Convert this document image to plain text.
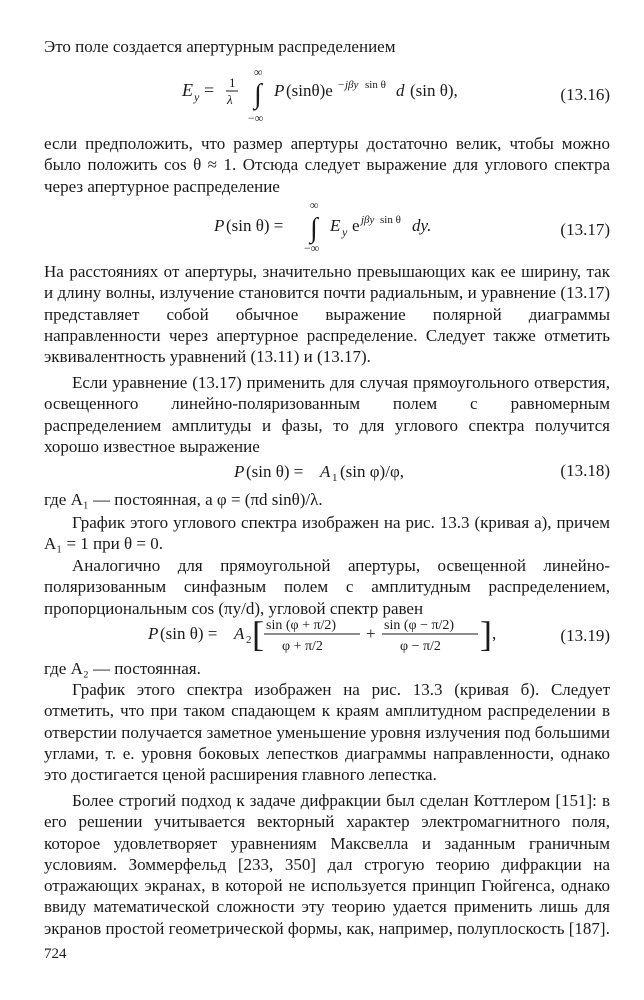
Это поле создается апертурным распределением

E y = 1
λ
∞
∫
−∞
P (sinθ)e − jβy sin θ d (sin θ),	(13.16)

если предположить, что размер апертуры достаточно велик, чтобы можно было положить cos θ ≈ 1. Отсюда следует выражение для углового спектра через апертурное распределение

P (sin θ) =
∞
∫
−∞
E y e jβy sin θ dy.	(13.17)

На расстояниях от апертуры, значительно превышающих как ее ширину, так и длину волны, излучение становится почти радиальным, и уравнение (13.17) представляет собой обычное выражение полярной диаграммы направленности через апертурное распределение. Следует также отметить эквивалентность уравнений (13.11) и (13.17).

Если уравнение (13.17) применить для случая прямоугольного отверстия, освещенного линейно-поляризованным полем с равномерным распределением амплитуды и фазы, то для углового спектра получится хорошо известное выражение

P (sin θ) = A 1 (sin φ)/φ,	(13.18)

где A₁ — постоянная, а φ = (πd sinθ)/λ.

График этого углового спектра изображен на рис. 13.3 (кривая а), причем A₁ = 1 при θ = 0.

Аналогично для прямоугольной апертуры, освещенной линейно-поляризованным синфазным полем с амплитудным распределением, пропорциональным cos (πy/d), угловой спектр равен

P (sin θ) = A 2 [ sin (φ + π/2)
φ + π/2
+ sin (φ − π/2)
φ − π/2 ] ,	(13.19)

где A₂ — постоянная.

График этого спектра изображен на рис. 13.3 (кривая б). Следует отметить, что при таком спадающем к краям амплитудном распределении в отверстии получается заметное уменьшение уровня излучения под большими углами, т. е. уровня боковых лепестков диаграммы направленности, однако это достигается ценой расширения главного лепестка.

Более строгий подход к задаче дифракции был сделан Коттлером [151]: в его решении учитывается векторный характер электромагнитного поля, которое удовлетворяет уравнениям Максвелла и заданным граничным условиям. Зоммерфельд [233, 350] дал строгую теорию дифракции на отражающих экранах, в которой не используется принцип Гюйгенса, однако ввиду математической сложности эту теорию удается применить лишь для экранов простой геометрической формы, как, например, полуплоскость [187].

724
